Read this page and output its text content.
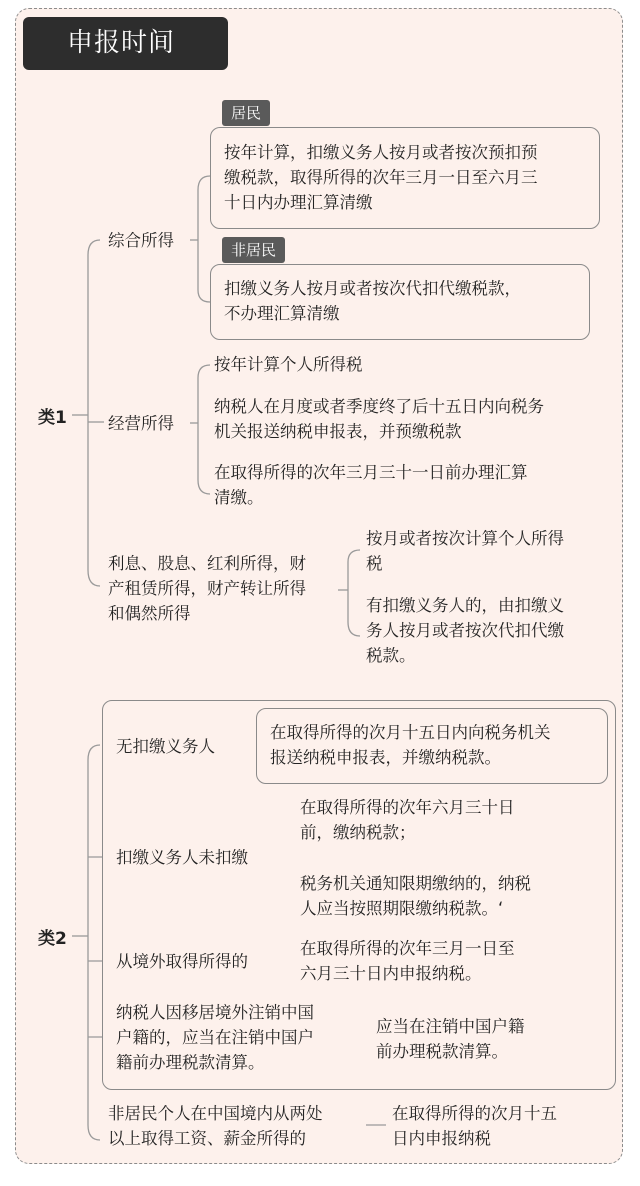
申报时间
类1
综合所得
居民
按年计算，扣缴义务人按月或者按次预扣预
缴税款，取得所得的次年三月一日至六月三
十日内办理汇算清缴
非居民
扣缴义务人按月或者按次代扣代缴税款，
不办理汇算清缴
经营所得
按年计算个人所得税
纳税人在月度或者季度终了后十五日内向税务
机关报送纳税申报表，并预缴税款
在取得所得的次年三月三十一日前办理汇算
清缴。
利息、股息、红利所得，财
产租赁所得，财产转让所得
和偶然所得
按月或者按次计算个人所得
税
有扣缴义务人的，由扣缴义
务人按月或者按次代扣代缴
税款。
类2
无扣缴义务人
在取得所得的次月十五日内向税务机关
报送纳税申报表，并缴纳税款。
扣缴义务人未扣缴
在取得所得的次年六月三十日
前，缴纳税款；
税务机关通知限期缴纳的，纳税
人应当按照期限缴纳税款。‘
从境外取得所得的
在取得所得的次年三月一日至
六月三十日内申报纳税。
纳税人因移居境外注销中国
户籍的，应当在注销中国户
籍前办理税款清算。
应当在注销中国户籍
前办理税款清算。
非居民个人在中国境内从两处
以上取得工资、薪金所得的
在取得所得的次月十五
日内申报纳税
